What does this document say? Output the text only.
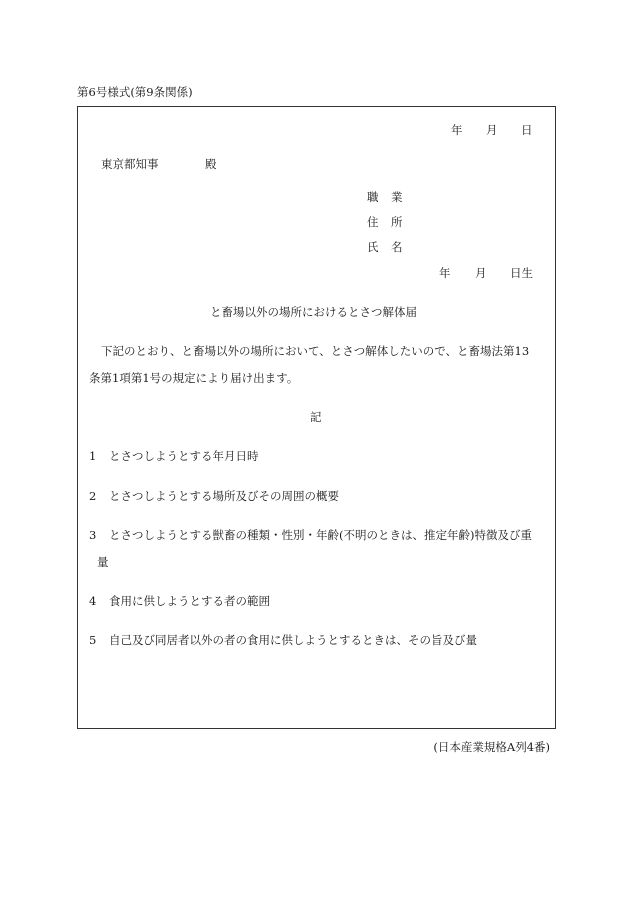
第6号様式(第9条関係)
年 月 日
東京都知事	殿
職 業
住 所
氏 名
年 月 日生
と畜場以外の場所におけるとさつ解体届
下記のとおり、と畜場以外の場所において、とさつ解体したいので、と畜場法第13
条第1項第1号の規定により届け出ます。
記
1 とさつしようとする年月日時
2 とさつしようとする場所及びその周囲の概要
3 とさつしようとする獣畜の種類・性別・年齢(不明のときは、推定年齢)特徴及び重
量
4 食用に供しようとする者の範囲
5 自己及び同居者以外の者の食用に供しようとするときは、その旨及び量
(日本産業規格A列4番)
